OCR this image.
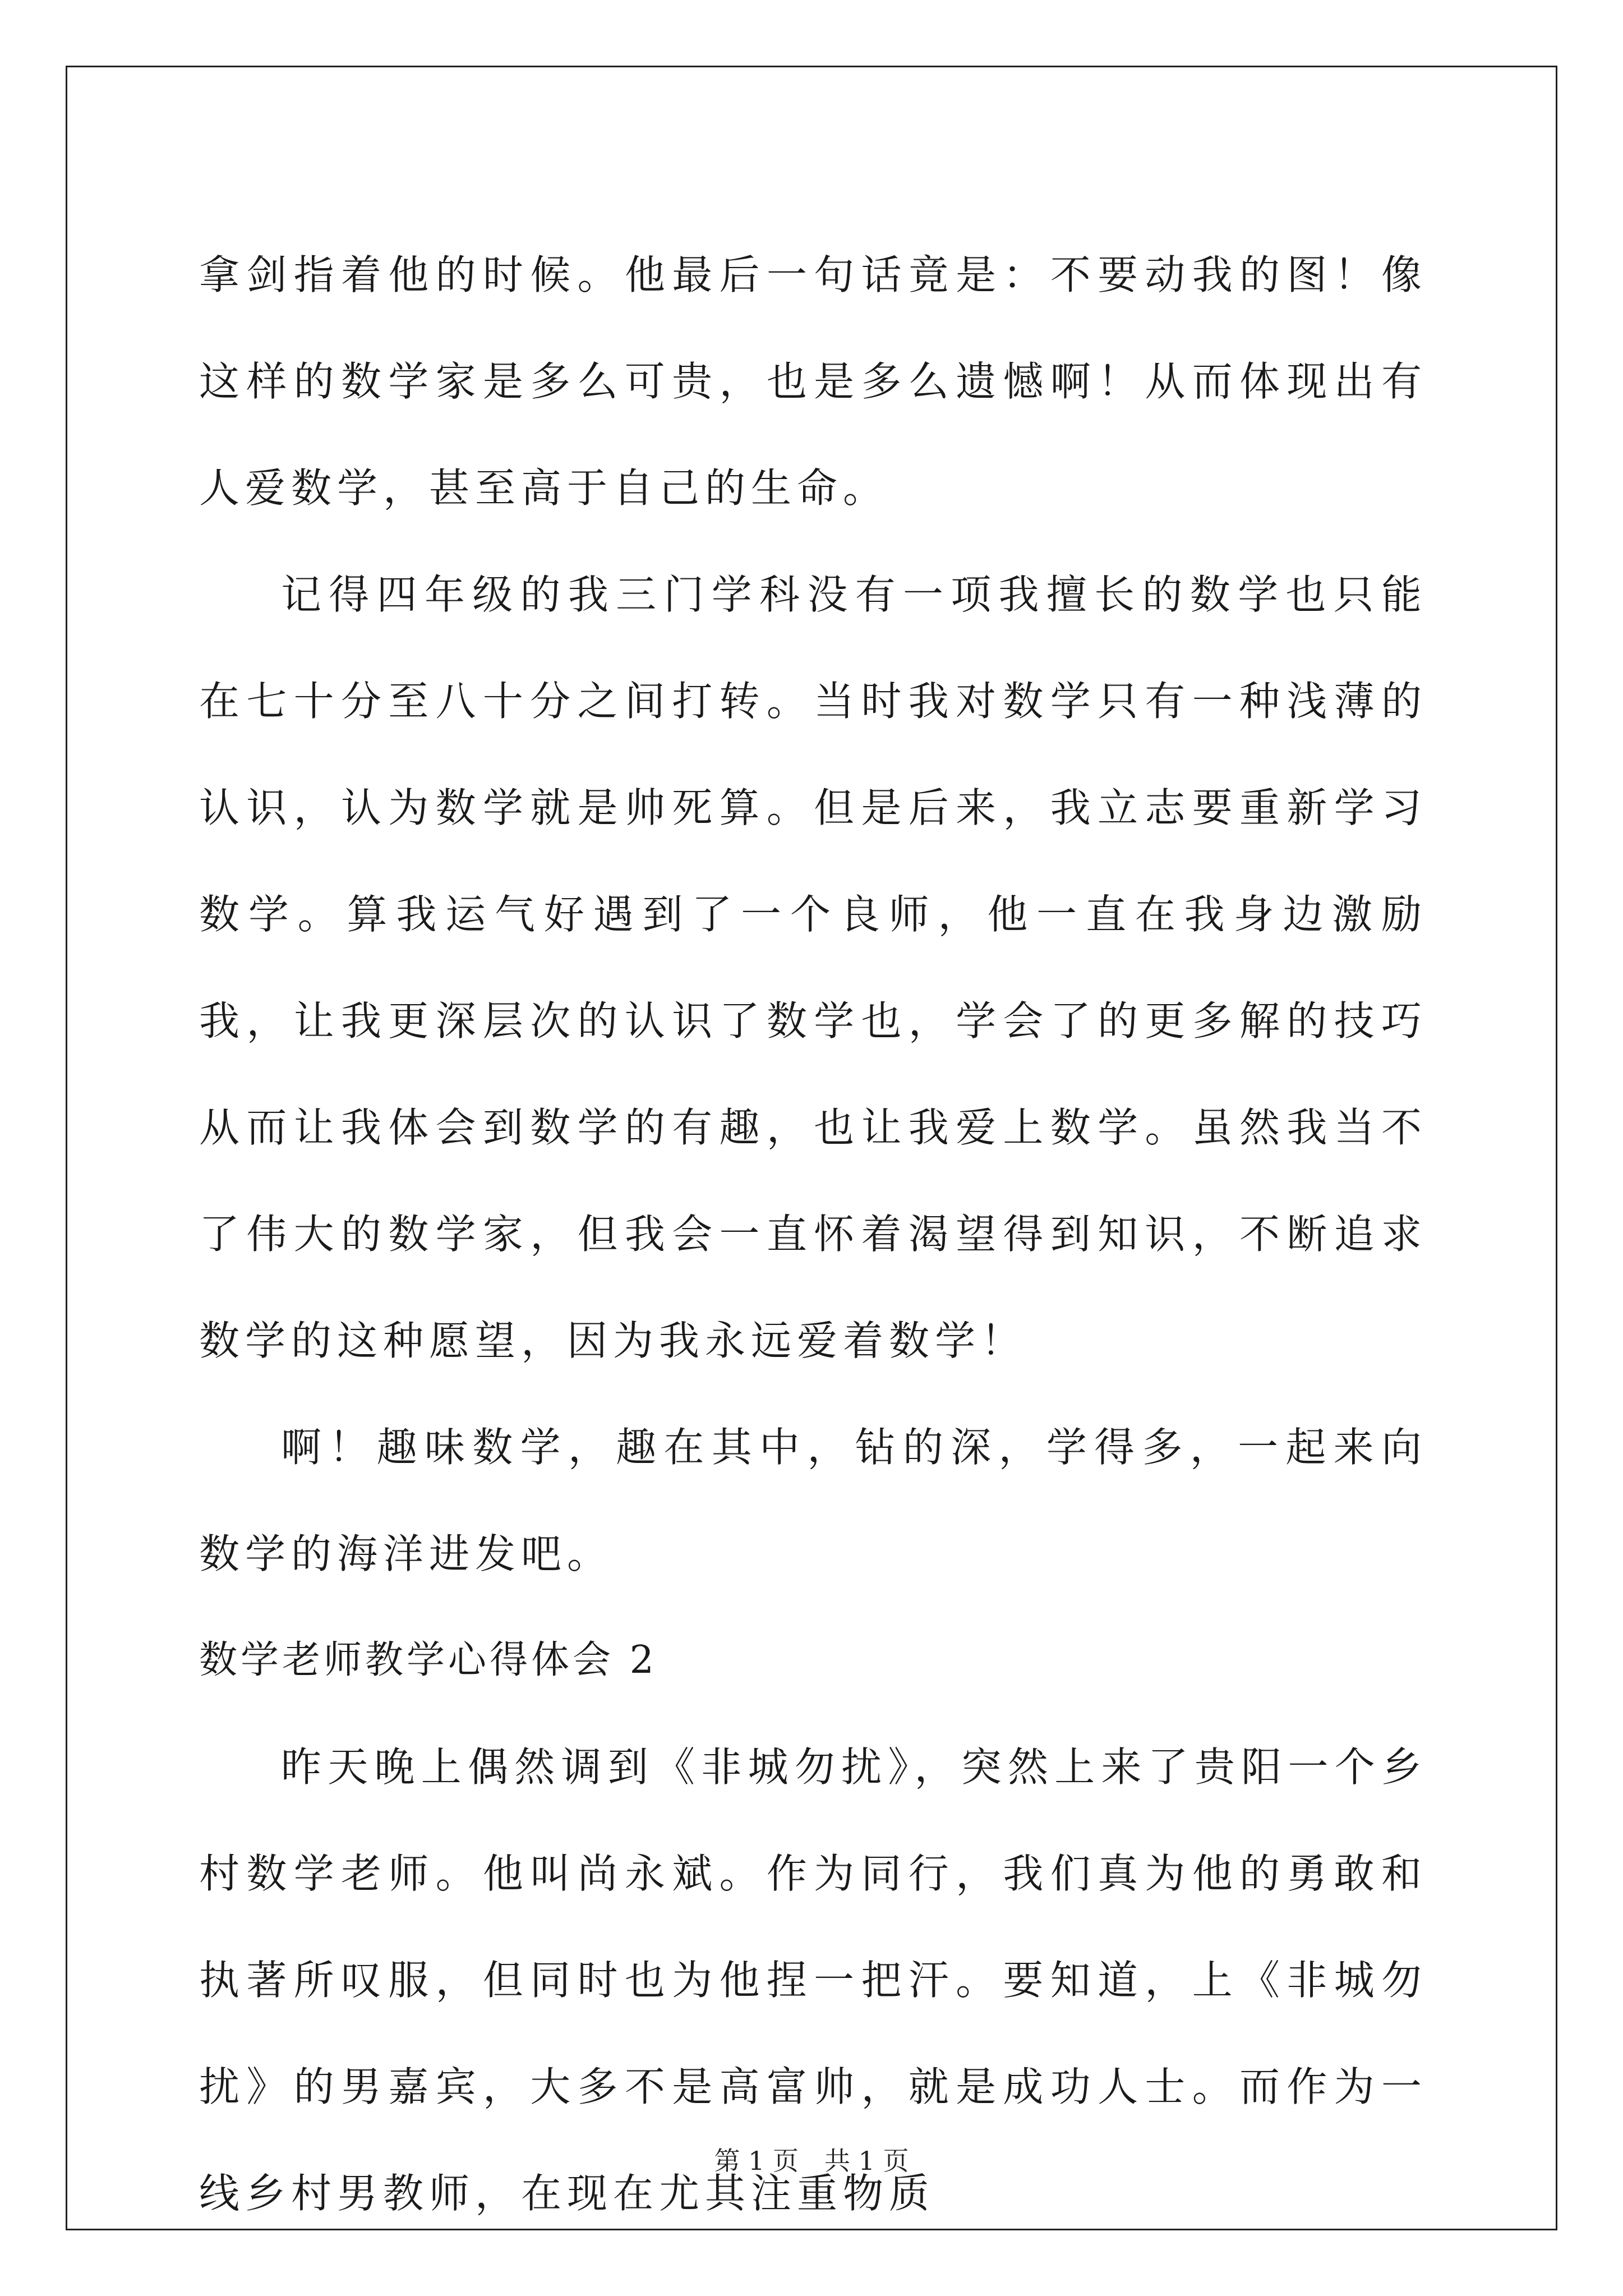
拿剑指着他的时候。他最后一句话竟是：不要动我的图！像这样的数学家是多么可贵，也是多么遗憾啊！从而体现出有人爱数学，甚至高于自己的生命。

记得四年级的我三门学科没有一项我擅长的数学也只能在七十分至八十分之间打转。当时我对数学只有一种浅薄的认识，认为数学就是帅死算。但是后来，我立志要重新学习数学。算我运气好遇到了一个良师，他一直在我身边激励我，让我更深层次的认识了数学也，学会了的更多解的技巧从而让我体会到数学的有趣，也让我爱上数学。虽然我当不了伟大的数学家，但我会一直怀着渴望得到知识，不断追求数学的这种愿望，因为我永远爱着数学！

啊！趣味数学，趣在其中，钻的深，学得多，一起来向数学的海洋进发吧。

数学老师教学心得体会 2

昨天晚上偶然调到《非城勿扰》，突然上来了贵阳一个乡村数学老师。他叫尚永斌。作为同行，我们真为他的勇敢和执著所叹服，但同时也为他捏一把汗。要知道，上《非城勿扰》的男嘉宾，大多不是高富帅，就是成功人士。而作为一线乡村男教师，在现在尤其注重物质

第 1 页 共 1 页
